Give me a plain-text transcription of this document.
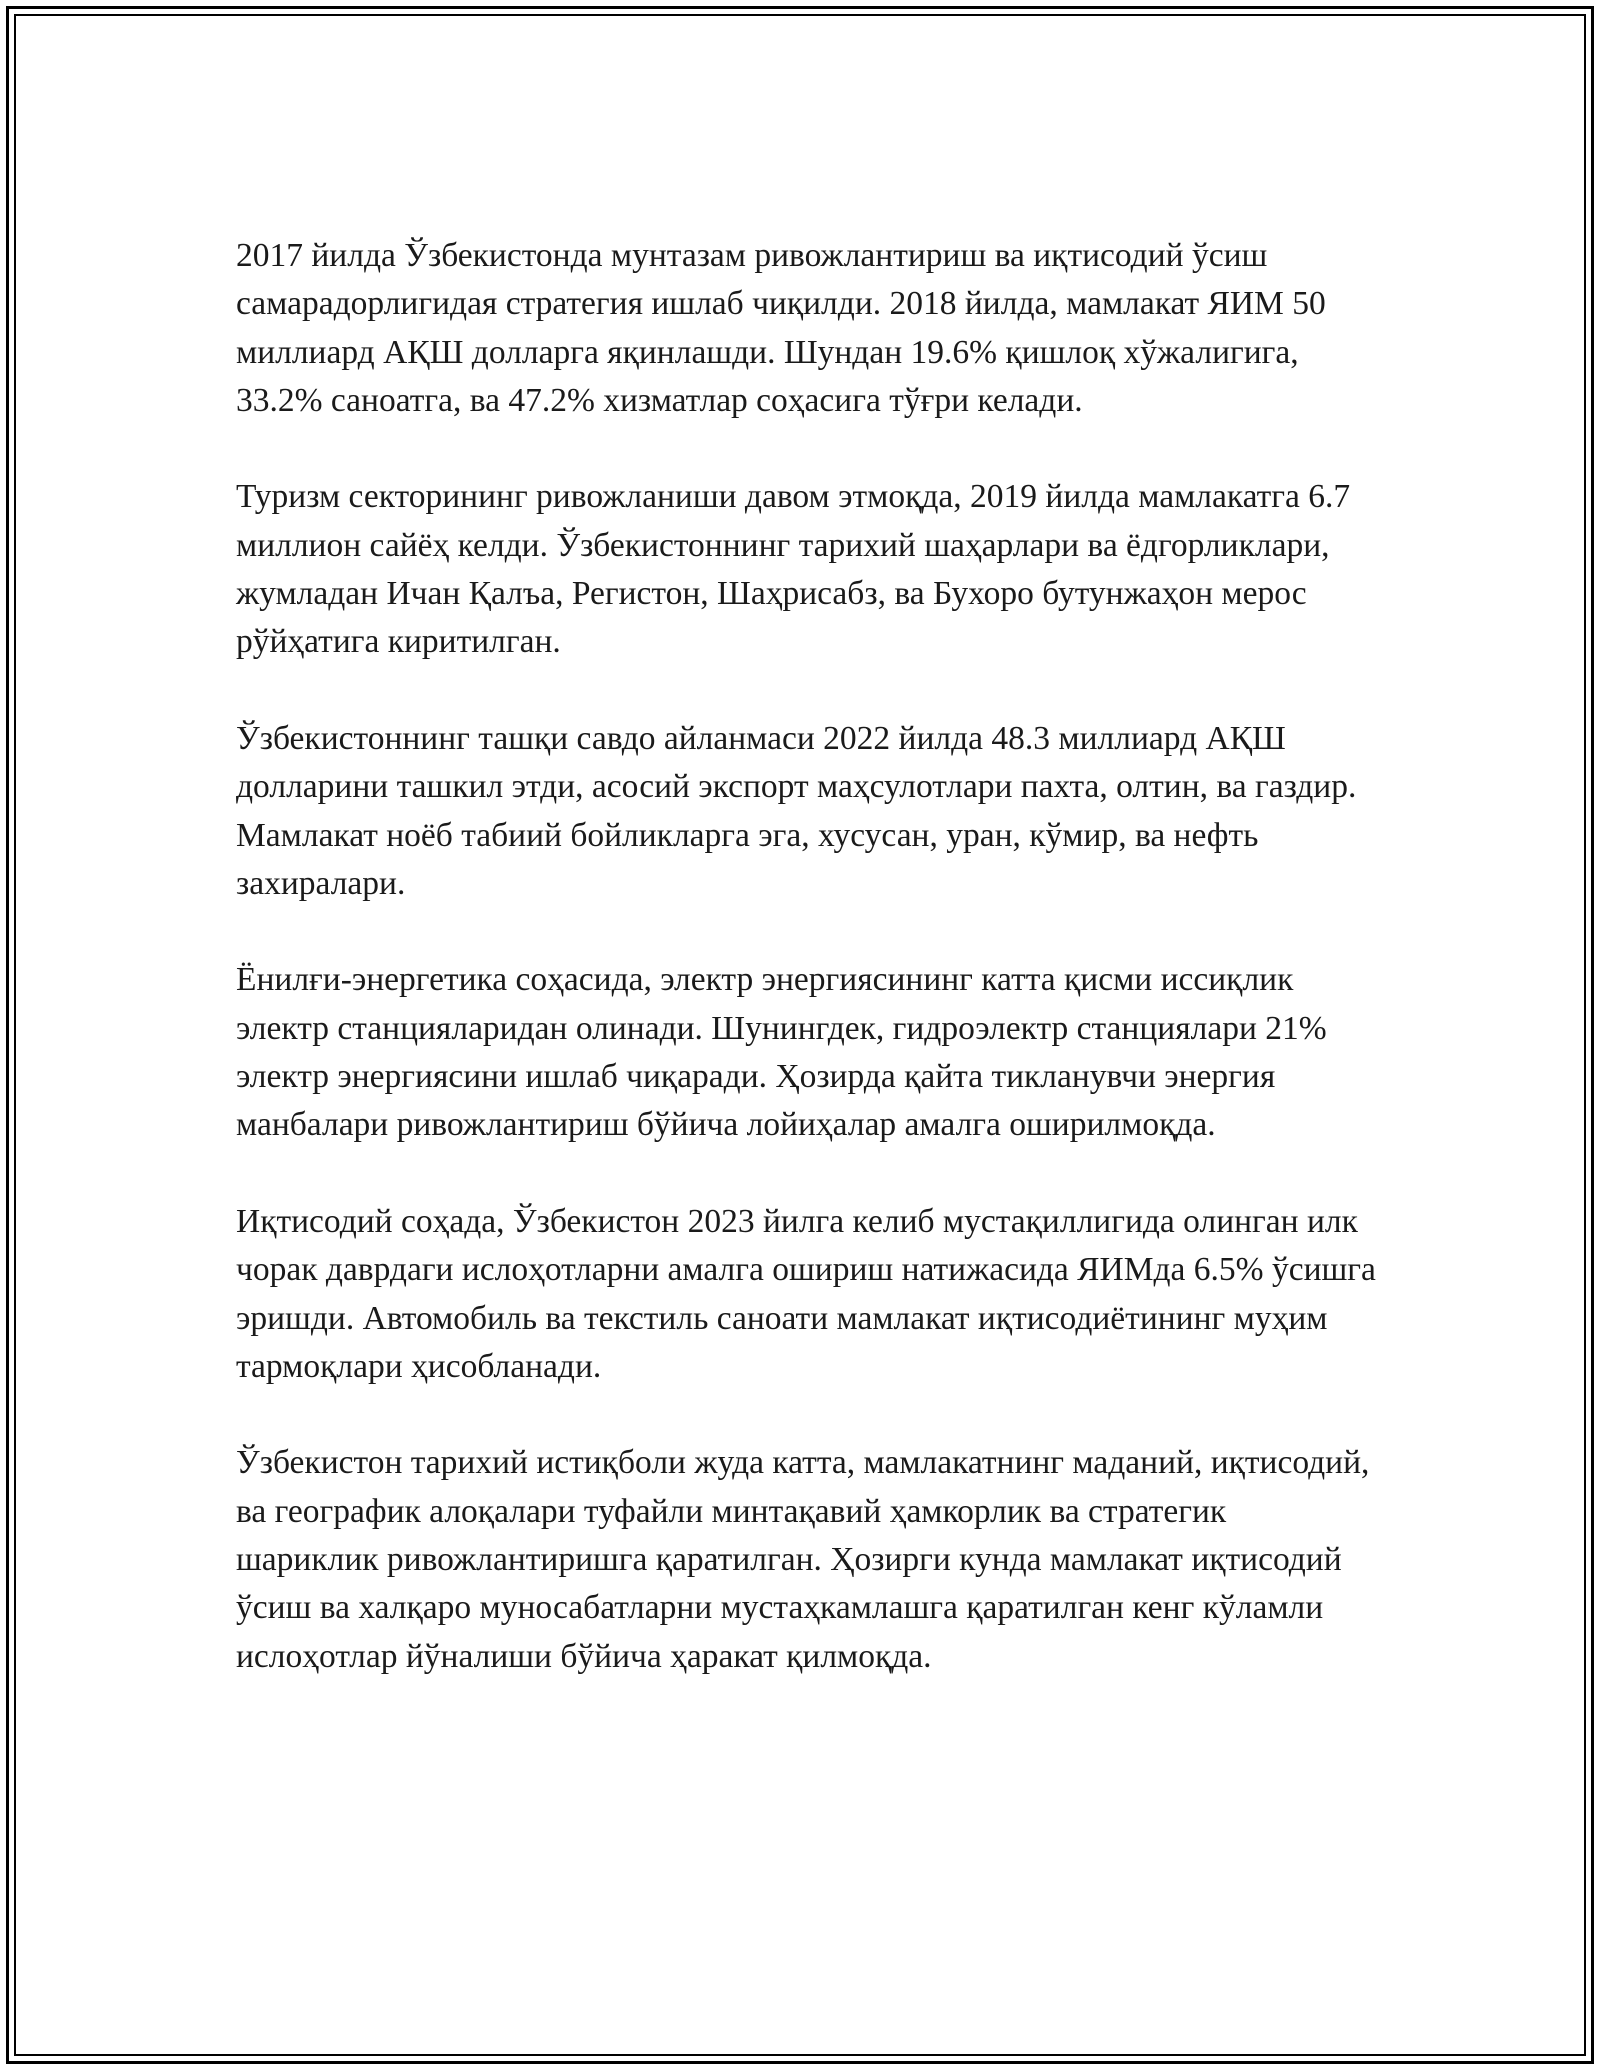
2017 йилда Ўзбекистонда мунтазам ривожлантириш ва иқтисодий ўсиш самарадорлигидая стратегия ишлаб чиқилди. 2018 йилда, мамлакат ЯИМ 50 миллиард АҚШ долларга яқинлашди. Шундан 19.6% қишлоқ хўжалигига, 33.2% саноатга, ва 47.2% хизматлар соҳасига тўғри келади.

Туризм секторининг ривожланиши давом этмоқда, 2019 йилда мамлакатга 6.7 миллион сайёҳ келди. Ўзбекистоннинг тарихий шаҳарлари ва ёдгорликлари, жумладан Ичан Қалъа, Регистон, Шаҳрисабз, ва Бухоро бутунжаҳон мерос рўйҳатига киритилган.

Ўзбекистоннинг ташқи савдо айланмаси 2022 йилда 48.3 миллиард АҚШ долларини ташкил этди, асосий экспорт маҳсулотлари пахта, олтин, ва газдир. Мамлакат ноёб табиий бойликларга эга, хусусан, уран, кўмир, ва нефть захиралари.

Ёнилғи-энергетика соҳасида, электр энергиясининг катта қисми иссиқлик электр станцияларидан олинади. Шунингдек, гидроэлектр станциялари 21% электр энергиясини ишлаб чиқаради. Ҳозирда қайта тикланувчи энергия манбалари ривожлантириш бўйича лойиҳалар амалга оширилмоқда.

Иқтисодий соҳада, Ўзбекистон 2023 йилга келиб мустақиллигида олинган илк чорак даврдаги ислоҳотларни амалга ошириш натижасида ЯИМда 6.5% ўсишга эришди. Автомобиль ва текстиль саноати мамлакат иқтисодиётининг муҳим тармоқлари ҳисобланади.

Ўзбекистон тарихий истиқболи жуда катта, мамлакатнинг маданий, иқтисодий, ва географик алоқалари туфайли минтақавий ҳамкорлик ва стратегик шариклик ривожлантиришга қаратилган. Ҳозирги кунда мамлакат иқтисодий ўсиш ва халқаро муносабатларни мустаҳкамлашга қаратилган кенг кўламли ислоҳотлар йўналиши бўйича ҳаракат қилмоқда.
